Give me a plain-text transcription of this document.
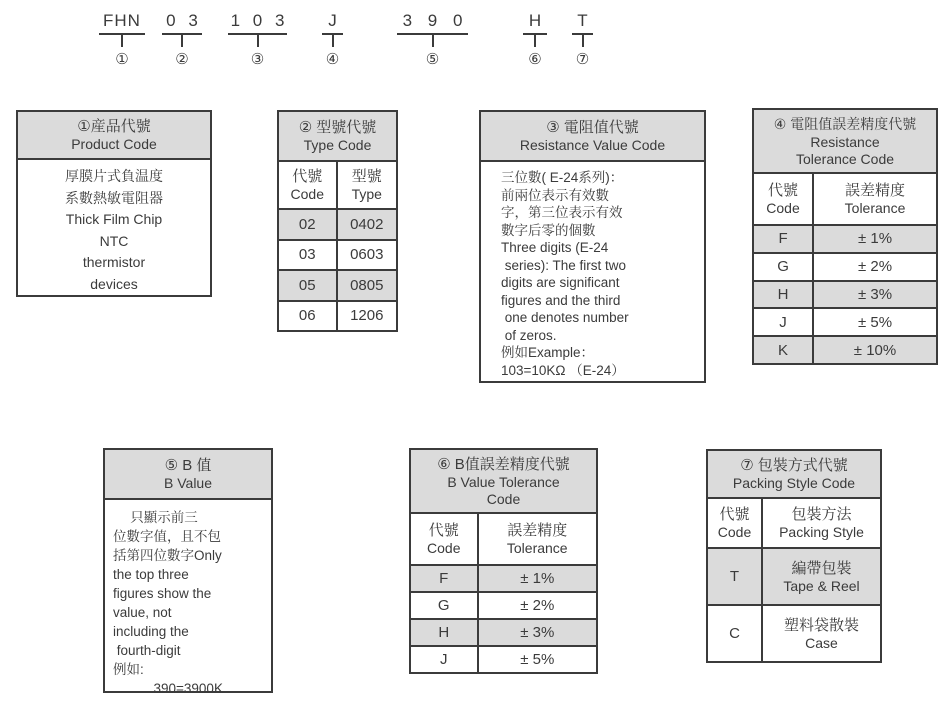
FHN
①
0 3
②
1 0 3
③
J
④
3 9 0
⑤
H
⑥
T
⑦
①産品代號
Product Code
厚膜片式負温度
系數熱敏電阻器
Thick Film Chip
NTC
thermistor
devices
② 型號代號
Type Code
代號
Code
型號
Type
02	0402
03	0603
05	0805
06	1206
③ 電阻值代號
Resistance Value Code
三位數( E-24系列)：
前兩位表示有效數
字，第三位表示有效
數字后零的個數
Three digits (E-24
series): The first two
digits are significant
figures and the third
one denotes number
of zeros.
例如Example：
103=10KΩ （E-24）
④ 電阻值誤差精度代號
Resistance
Tolerance Code
代號
Code
誤差精度
Tolerance
F	± 1%
G	± 2%
H	± 3%
J	± 5%
K	± 10%
⑤ B 值
B Value
　 只顯示前三
位數字值，且不包
括第四位數字Only
the top three
figures show the
value, not
including the
fourth-digit
例如:
　　　390=3900K
⑥ B值誤差精度代號
B Value Tolerance
Code
代號
Code
誤差精度
Tolerance
F	± 1%
G	± 2%
H	± 3%
J	± 5%
⑦ 包裝方式代號
Packing Style Code
代號
Code
包裝方法
Packing Style
T	編帶包裝
Tape & Reel
C	塑料袋散裝
Case
